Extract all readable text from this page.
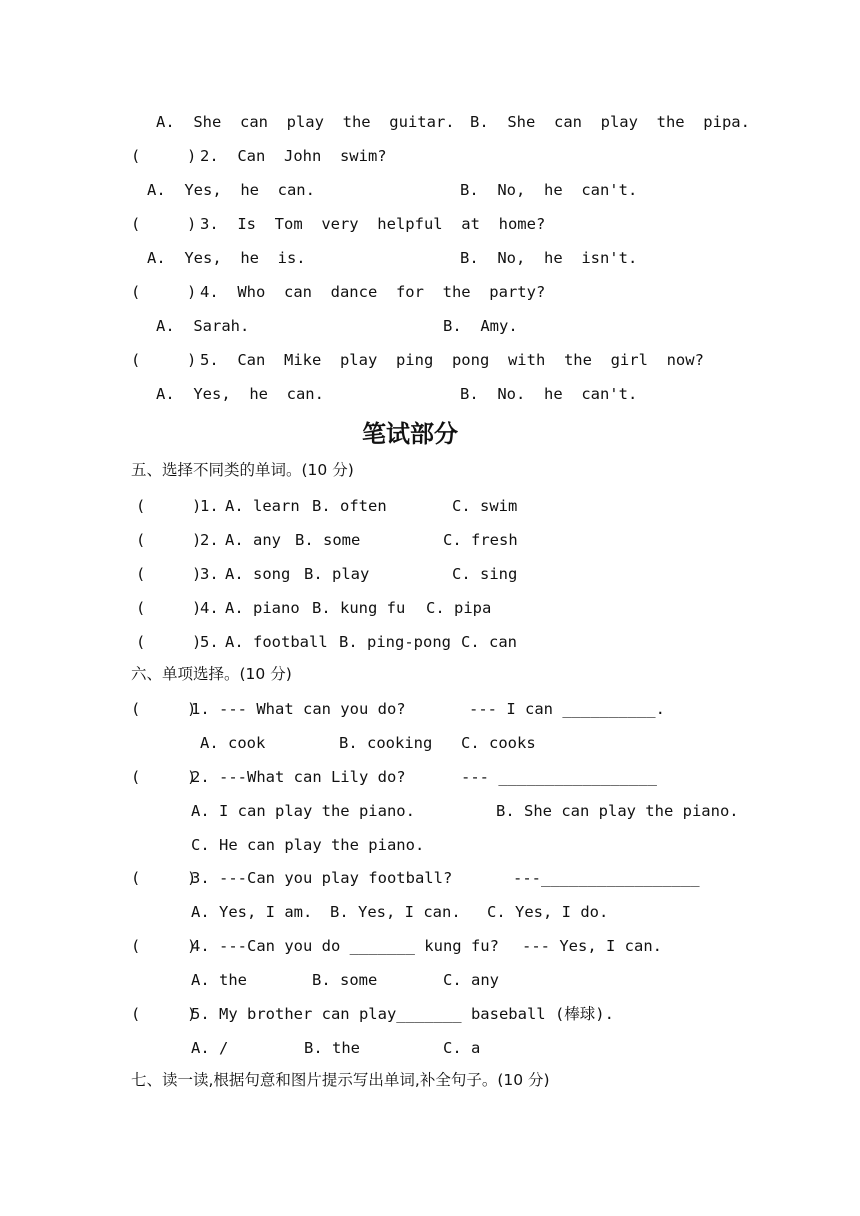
A.  She  can  play  the  guitar. B.  She  can  play  the  pipa.
(     ) 2.  Can  John  swim?
A.  Yes,  he  can.	B.  No,  he  can't.
(     ) 3.  Is  Tom  very  helpful  at  home?
A.  Yes,  he  is.	B.  No,  he  isn't.
(     ) 4.  Who  can  dance  for  the  party?
A.  Sarah.	B.  Amy.
(     ) 5.  Can  Mike  play  ping  pong  with  the  girl  now?
A.  Yes,  he  can.	B.  No.  he  can't.
笔试部分
五、选择不同类的单词。(10 分)
(     )
1. A. learn B. often	C. swim
(     )
2. A. any B. some	C. fresh
(     )
3. A. song B. play	C. sing
(     )
4. A. piano B. kung fu C. pipa
(     )
5. A. football B. ping-pong C. can
六、单项选择。(10 分)
(     )
1. --- What can you do?	--- I can __________.
A. cook	B. cooking C. cooks
(     )
2. ---What can Lily do?	--- _________________
A. I can play the piano.	B. She can play the piano.
C. He can play the piano.
(     )
3. ---Can you play football?	---_________________
A. Yes, I am. B. Yes, I can. C. Yes, I do.
(     )
4. ---Can you do _______ kung fu? --- Yes, I can.
A. the	B. some	C. any
(     )
5. My brother can play_______ baseball (棒球).
A. /	B. the	C. a
七、读一读,根据句意和图片提示写出单词,补全句子。(10 分)
